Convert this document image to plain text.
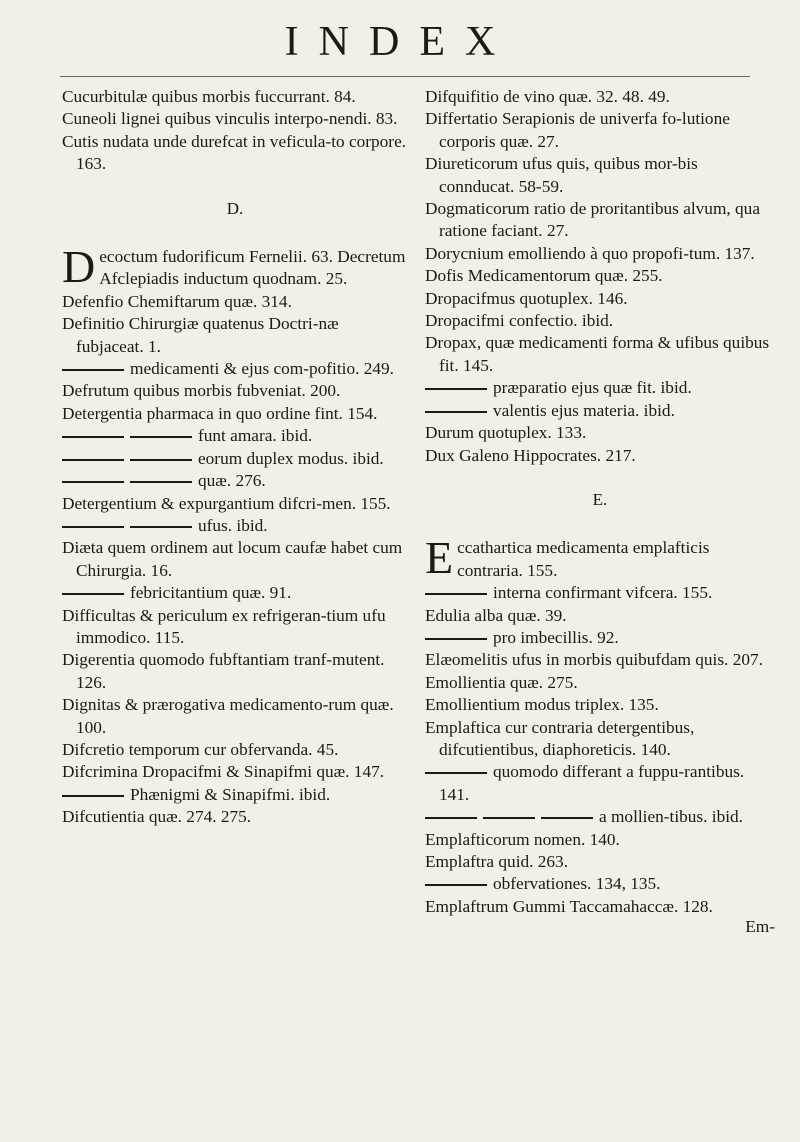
INDEX

Cucurbitulæ quibus morbis fuccurrant. 84.

Cuneoli lignei quibus vinculis interpo-nendi. 83.

Cutis nudata unde durefcat in veficula-to corpore. 163.

D.

Decoctum fudorificum Fernelii. 63. Decretum Afclepiadis inductum quodnam. 25.

Defenfio Chemiftarum quæ. 314.

Definitio Chirurgiæ quatenus Doctri-næ fubjaceat. 1.

medicamenti & ejus com-pofitio. 249.

Defrutum quibus morbis fubveniat. 200.

Detergentia pharmaca in quo ordine fint. 154.

funt amara. ibid.

eorum duplex modus. ibid.

quæ. 276.

Detergentium & expurgantium difcri-men. 155.

ufus. ibid.

Diæta quem ordinem aut locum caufæ habet cum Chirurgia. 16.

febricitantium quæ. 91.

Difficultas & periculum ex refrigeran-tium ufu immodico. 115.

Digerentia quomodo fubftantiam tranf-mutent. 126.

Dignitas & prærogativa medicamento-rum quæ. 100.

Difcretio temporum cur obfervanda. 45.

Difcrimina Dropacifmi & Sinapifmi quæ. 147.

Phænigmi & Sinapifmi. ibid.

Difcutientia quæ. 274. 275.

Difquifitio de vino quæ. 32. 48. 49.

Differtatio Serapionis de univerfa fo-lutione corporis quæ. 27.

Diureticorum ufus quis, quibus mor-bis connducat. 58-59.

Dogmaticorum ratio de proritantibus alvum, qua ratione faciant. 27.

Dorycnium emolliendo à quo propofi-tum. 137.

Dofis Medicamentorum quæ. 255.

Dropacifmus quotuplex. 146.

Dropacifmi confectio. ibid.

Dropax, quæ medicamenti forma & ufibus quibus fit. 145.

præparatio ejus quæ fit. ibid.

valentis ejus materia. ibid.

Durum quotuplex. 133.

Dux Galeno Hippocrates. 217.

E.

Eccathartica medicamenta emplafticis contraria. 155.

interna confirmant vifcera. 155.

Edulia alba quæ. 39.

pro imbecillis. 92.

Elæomelitis ufus in morbis quibufdam quis. 207.

Emollientia quæ. 275.

Emollientium modus triplex. 135.

Emplaftica cur contraria detergentibus, difcutientibus, diaphoreticis. 140.

quomodo differant a fuppu-rantibus. 141.

a mollien-tibus. ibid.

Emplafticorum nomen. 140.

Emplaftra quid. 263.

obfervationes. 134, 135.

Emplaftrum Gummi Taccamahaccæ. 128.

Em-
